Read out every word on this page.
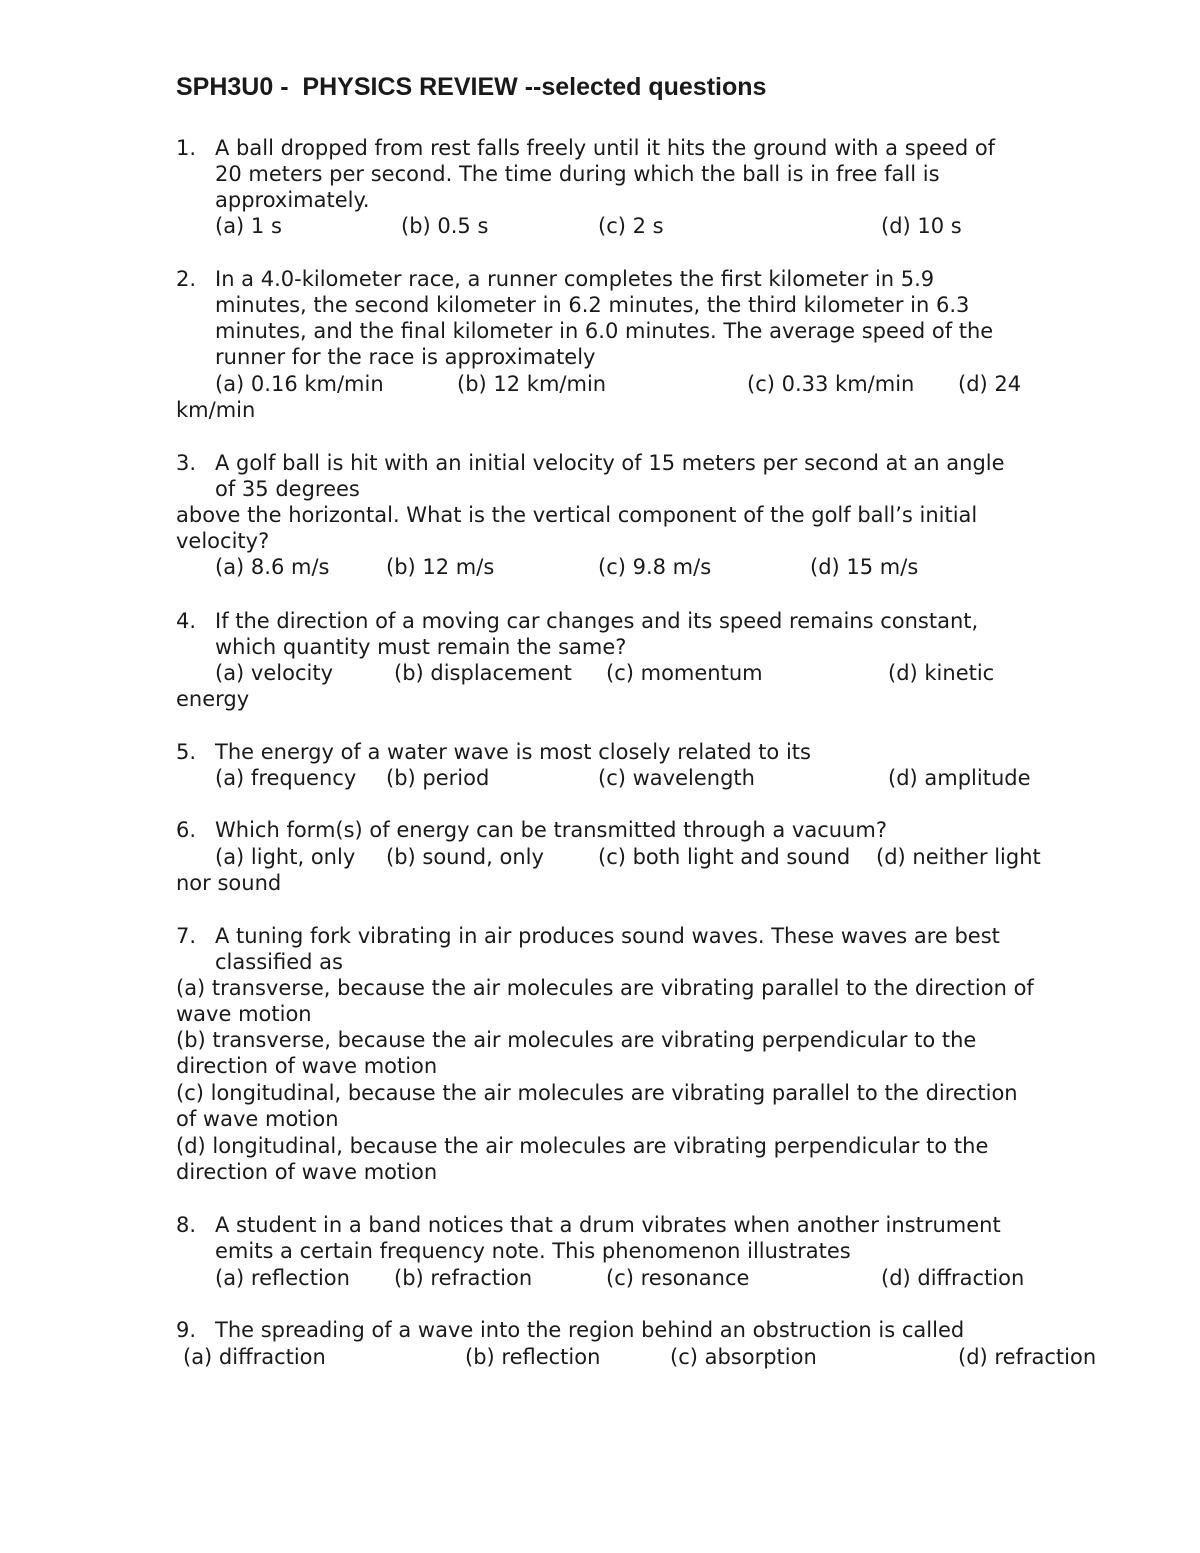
SPH3U0 -  PHYSICS REVIEW --selected questions
1. A ball dropped from rest falls freely until it hits the ground with a speed of
20 meters per second. The time during which the ball is in free fall is
approximately.
(a) 1 s	(b) 0.5 s	(c) 2 s	(d) 10 s
2. In a 4.0-kilometer race, a runner completes the first kilometer in 5.9
minutes, the second kilometer in 6.2 minutes, the third kilometer in 6.3
minutes, and the final kilometer in 6.0 minutes. The average speed of the
runner for the race is approximately
(a) 0.16 km/min	(b) 12 km/min	(c) 0.33 km/min (d) 24
km/min
3. A golf ball is hit with an initial velocity of 15 meters per second at an angle
of 35 degrees
above the horizontal. What is the vertical component of the golf ball’s initial
velocity?
(a) 8.6 m/s	(b) 12 m/s	(c) 9.8 m/s	(d) 15 m/s
4. If the direction of a moving car changes and its speed remains constant,
which quantity must remain the same?
(a) velocity	(b) displacement (c) momentum	(d) kinetic
energy
5. The energy of a water wave is most closely related to its
(a) frequency (b) period	(c) wavelength	(d) amplitude
6. Which form(s) of energy can be transmitted through a vacuum?
(a) light, only (b) sound, only	(c) both light and sound (d) neither light
nor sound
7. A tuning fork vibrating in air produces sound waves. These waves are best
classified as
(a) transverse, because the air molecules are vibrating parallel to the direction of
wave motion
(b) transverse, because the air molecules are vibrating perpendicular to the
direction of wave motion
(c) longitudinal, because the air molecules are vibrating parallel to the direction
of wave motion
(d) longitudinal, because the air molecules are vibrating perpendicular to the
direction of wave motion
8. A student in a band notices that a drum vibrates when another instrument
emits a certain frequency note. This phenomenon illustrates
(a) reflection (b) refraction	(c) resonance	(d) diffraction
9. The spreading of a wave into the region behind an obstruction is called
(a) diffraction	(b) reflection	(c) absorption	(d) refraction
